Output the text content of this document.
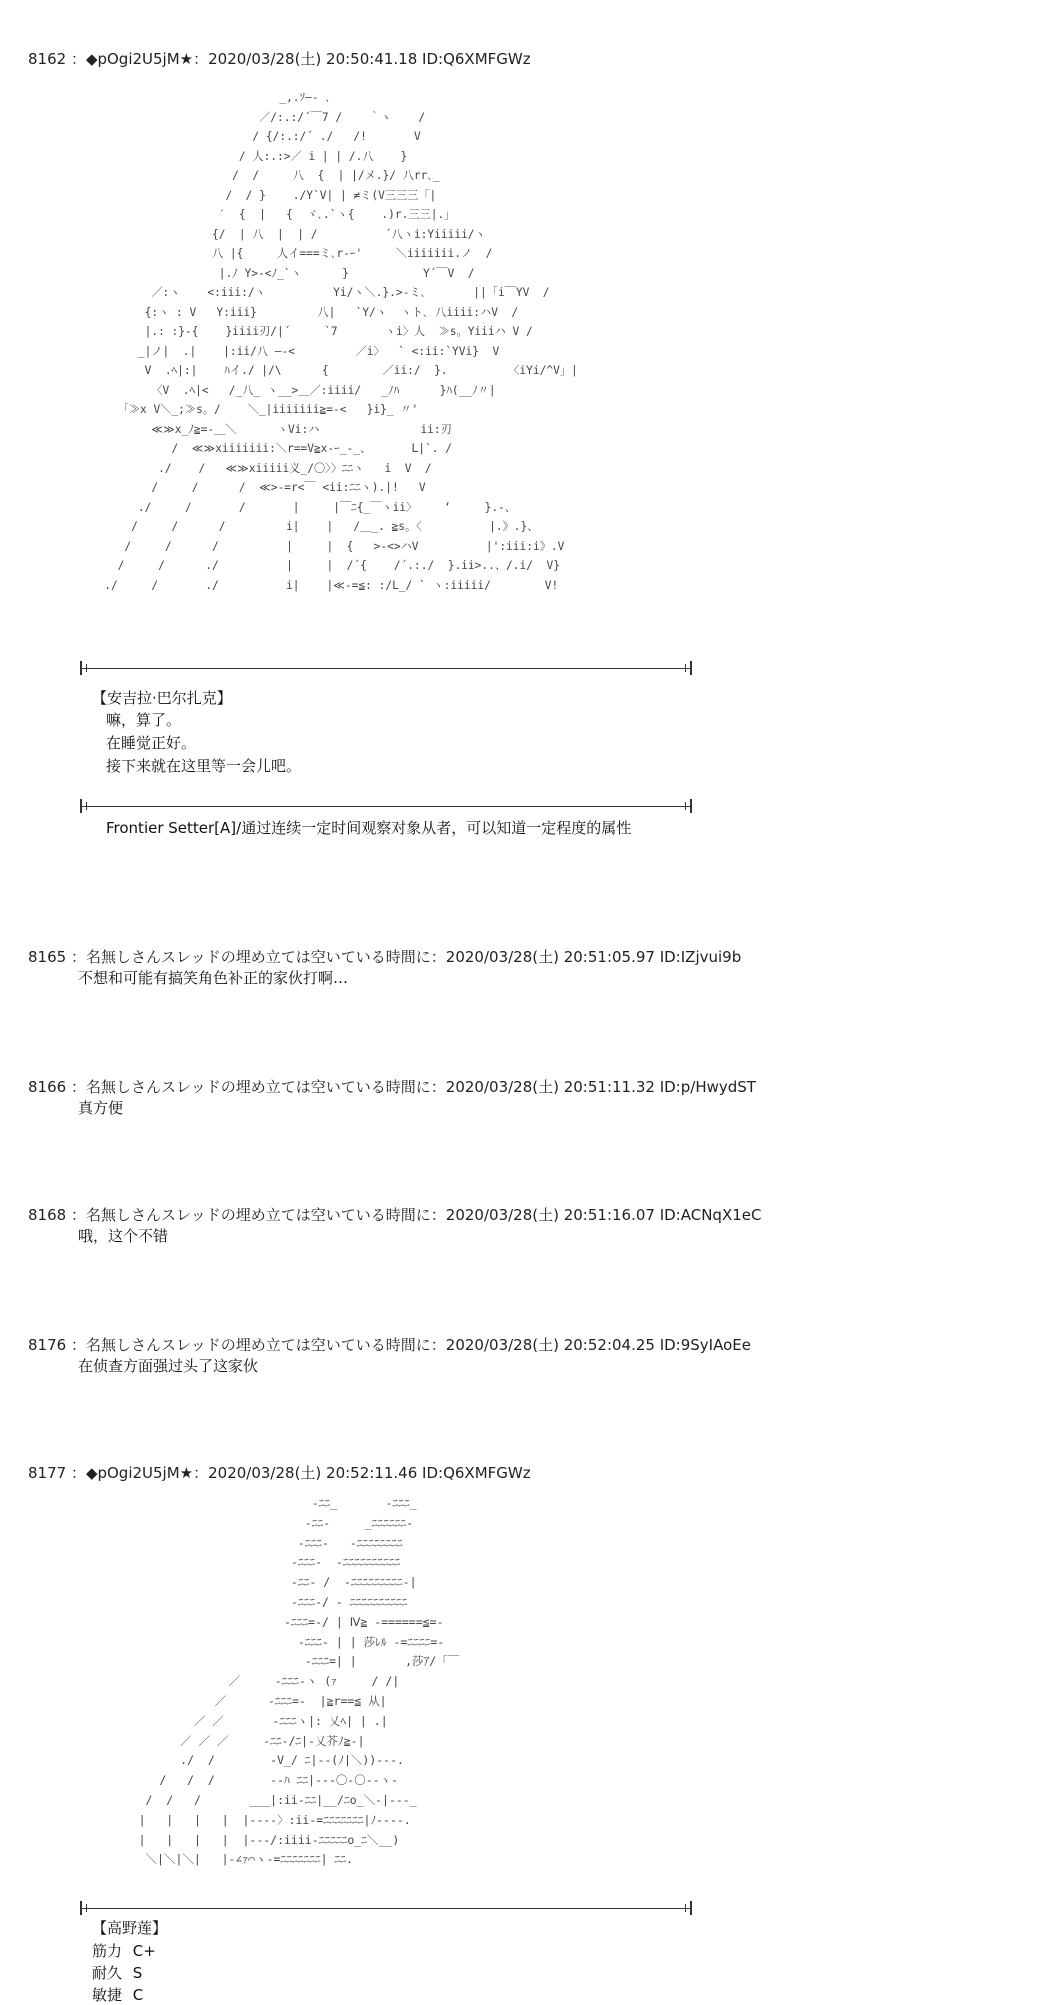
8162 ：◆pOgi2U5jM★：2020/03/28(土) 20:50:41.18 ID:Q6XMFGWz
_,.ｿ―- ､
／/:.:/´￣7 /    ｀ヽ    /
/ {/:.:/´ ./   /!       V
/ 人:.:>／ i | | /.八    }
/  /     八  {  | |/メ.}/ 八rr､_
/  / }    ./Y`V| | ≠ミ(V三三三「|
′  {  |   {  ヾ､.`ヽ{    .)r.三三|.」
{/  | 八  |  | /          ´八ヽi:Yiiiii/ヽ
八 |{     人イ===ミ､r-ｰ'     ＼iiiiiii.ノ  /
|.ﾉ Y>-<ﾉ_`ヽ      }           Y´￣V  /
／:ヽ    <:iii:/ヽ          Yi/ヽ＼.}.>-ミ､       ||「i￣YV  /
{:ヽ : V   Y:iii}         八|   `Y/ヽ  ヽト､ 八iiii:ハV  /
|.: :}-{    }iiii刃/|´     `7       ヽi〉人  ≫s。Yiiiハ V /
_|ノ|  .|    |:ii/八 ―-<         ／i〉  ` <:ii:`YVi}  V
V  .ﾍ|:|    ﾊイ./ |/\      {        ／ii:/  }.         〈iYi/^V」|
〈V  .ﾍ|<   /_八_ ヽ__>＿／:iiii/   _ﾉﾊ      }ﾊ(__ﾉ〃|
「≫x V＼_;≫s。/    ＼_|iiiiiii≧=-<   }i}_ 〃'
≪≫x_ﾉ≧=-＿＼      ヽVi:ハ               ii:刃
/  ≪≫xiiiiiii:＼r==V≧x-ｰ_-_、      L|`. /
./    /   ≪≫xiiiii义_/〇〉〉ﾆﾆヽ   i  V  /
/     /      /  ≪>-=r<￣ <ii:ﾆﾆヽ).|!   V
./     /       /       |     |￣ﾆ{_￣ヽii〉    ‘     }.-、
/     /      /         i|    |   /＿_. ≧s。〈          |.》.}、
/     /      /          |     |  {   >-<>ハV          |':iii:i》.V
/     /      ./          |     |  /´{    /´.:./  }.ii>..、/.i/  V}
./     /       ./          i|    |≪-=≦: :/L_/ ` ヽ:iiiii/        V!
【安吉拉·巴尔扎克】
嘛，算了。
在睡觉正好。
接下来就在这里等一会儿吧。
Frontier Setter[A]/通过连续一定时间观察对象从者，可以知道一定程度的属性
8165 ：名無しさんスレッドの埋め立ては空いている時間に：2020/03/28(土) 20:51:05.97 ID:IZjvui9b
不想和可能有搞笑角色补正的家伙打啊…
8166 ：名無しさんスレッドの埋め立ては空いている時間に：2020/03/28(土) 20:51:11.32 ID:p/HwydST
真方便
8168 ：名無しさんスレッドの埋め立ては空いている時間に：2020/03/28(土) 20:51:16.07 ID:ACNqX1eC
哦，这个不错
8176 ：名無しさんスレッドの埋め立ては空いている時間に：2020/03/28(土) 20:52:04.25 ID:9SyIAoEe
在侦查方面强过头了这家伙
8177 ：◆pOgi2U5jM★：2020/03/28(土) 20:52:11.46 ID:Q6XMFGWz
-ﾆﾆ_       -ﾆﾆﾆ_
-ﾆﾆ-     _ﾆﾆﾆﾆﾆﾆ-
-ﾆﾆﾆ-   ‐ﾆﾆﾆﾆﾆﾆﾆﾆ
-ﾆﾆﾆ-  ‐ﾆﾆﾆﾆﾆﾆﾆﾆﾆﾆ
-ﾆﾆ- /  -ﾆﾆﾆﾆﾆﾆﾆﾆﾆ-|
-ﾆﾆﾆ-/ ‐ ﾆﾆﾆﾆﾆﾆﾆﾆﾆﾆ
-ﾆﾆﾆ=-/ | Ⅳ≧ -======≦=-
-ﾆﾆﾆ- | | 莎ﾚﾙ -=ﾆﾆﾆﾆ=-
-ﾆﾆﾆ=| |       ,莎ｱ/「￣
／     -ﾆﾆﾆ-ヽ (ｧ     / /|
／      -ﾆﾆﾆ=-  |≧r==≦ 从|
／ ／       -ﾆﾆﾆヽ|: 乂ﾍ| | .|
／ ／ ／     -ﾆﾆ-/ﾆ|-乂芥ﾉ≧-|
./  /        -V_/ ﾆ|--(ﾉ|＼))---.
/   /  /        --ﾊ ﾆﾆ|---〇-〇--ヽ-
/  /   /       ___|:ii-ﾆﾆ|__/ﾆo_＼-|---_
|   |   |   |  |----〉:ii-=ﾆﾆﾆﾆﾆﾆﾆ|ﾉ----.
|   |   |   |  |---/:iiii-ﾆﾆﾆﾆﾆo_ﾆ＼__)
＼|＼|＼|   |-∠ｧ⌒ヽ-=ﾆﾆﾆﾆﾆﾆﾆ| ﾆﾆ.
【高野莲】
筋力 C+
耐久 S
敏捷 C
